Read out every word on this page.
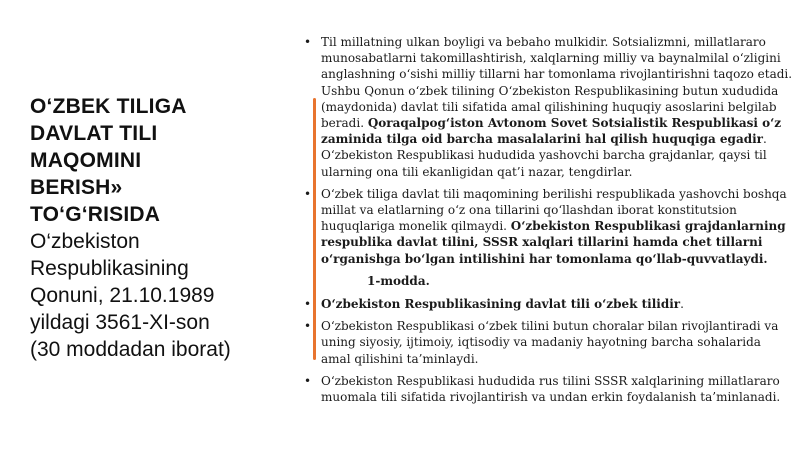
O‘ZBEK TILIGA
DAVLAT TILI
MAQOMINI
BERISH»
TO‘G‘RISIDA

O‘zbekiston
Respublikasining
Qonuni, 21.10.1989
yildagi 3561-XI-son
(30 moddadan iborat)

• Til millatning ulkan boyligi va bebaho mulkidir. Sotsializmni, millatlararo munosabatlarni takomillashtirish, xalqlarning milliy va baynalmilal o‘zligini anglashning o‘sishi milliy tillarni har tomonlama rivojlantirishni taqozo etadi. Ushbu Qonun o‘zbek tilining O‘zbekiston Respublikasining butun xududida (maydonida) davlat tili sifatida amal qilishining huquqiy asoslarini belgilab beradi. Qoraqalpog‘iston Avtonom Sovet Sotsialistik Respublikasi o‘z zaminida tilga oid barcha masalalarini hal qilish huquqiga egadir. O‘zbekiston Respublikasi hududida yashovchi barcha grajdanlar, qaysi til ularning ona tili ekanligidan qat’i nazar, tengdirlar.
• O‘zbek tiliga davlat tili maqomining berilishi respublikada yashovchi boshqa millat va elatlarning o‘z ona tillarini qo‘llashdan iborat konstitutsion huquqlariga monelik qilmaydi. O‘zbekiston Respublikasi grajdanlarning respublika davlat tilini, SSSR xalqlari tillarini hamda chet tillarni o‘rganishga bo‘lgan intilishini har tomonlama qo‘llab-quvvatlaydi.
1-modda.
• O‘zbekiston Respublikasining davlat tili o‘zbek tilidir.
• O‘zbekiston Respublikasi o‘zbek tilini butun choralar bilan rivojlantiradi va uning siyosiy, ijtimoiy, iqtisodiy va madaniy hayotning barcha sohalarida amal qilishini ta’minlaydi.
• O‘zbekiston Respublikasi hududida rus tilini SSSR xalqlarining millatlararo muomala tili sifatida rivojlantirish va undan erkin foydalanish ta’minlanadi.
